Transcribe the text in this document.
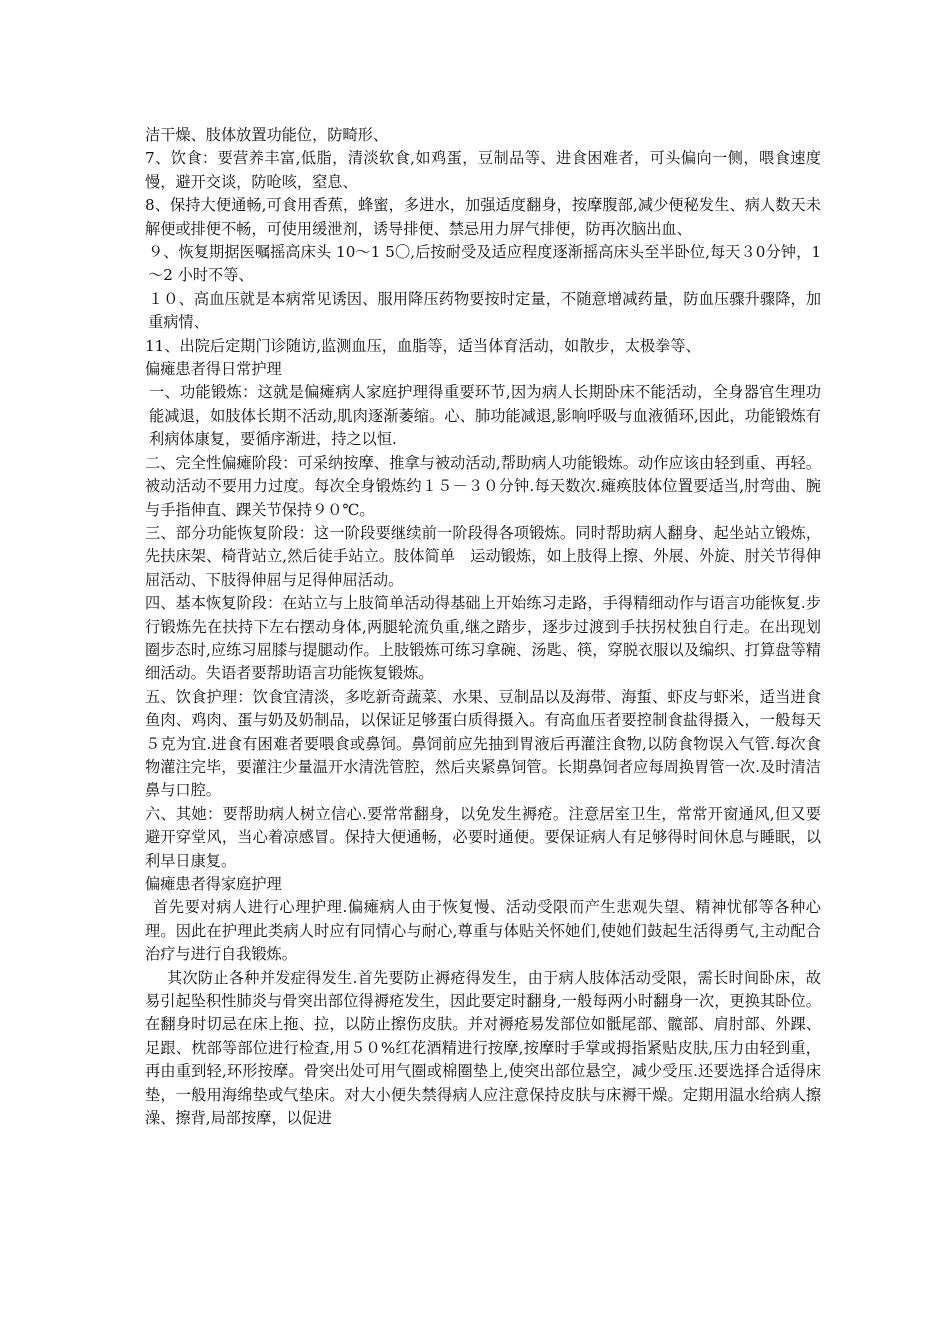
洁干燥、肢体放置功能位，防畸形、

7、饮食：要营养丰富,低脂，清淡软食,如鸡蛋，豆制品等、进食困难者，可头偏向一侧，喂食速度慢，避开交谈，防呛咳，窒息、

8、保持大便通畅,可食用香蕉，蜂蜜，多进水，加强适度翻身，按摩腹部,减少便秘发生、病人数天未解便或排便不畅，可使用缓泄剂，诱导排便、禁忌用力屏气排便，防再次脑出血、

９、恢复期据医嘱摇高床头 10～1 5〇,后按耐受及适应程度逐渐摇高床头至半卧位,每天３0分钟，1～2 小时不等、

１０、高血压就是本病常见诱因、服用降压药物要按时定量，不随意增减药量，防血压骤升骤降，加重病情、

11、出院后定期门诊随访,监测血压，血脂等，适当体育活动，如散步，太极拳等、

偏瘫患者得日常护理

一、功能锻炼：这就是偏瘫病人家庭护理得重要环节,因为病人长期卧床不能活动，全身器官生理功能减退，如肢体长期不活动,肌肉逐渐萎缩。心、肺功能减退,影响呼吸与血液循环,因此，功能锻炼有利病体康复，要循序渐进，持之以恒.

二、完全性偏瘫阶段：可采纳按摩、推拿与被动活动,帮助病人功能锻炼。动作应该由轻到重、再轻。被动活动不要用力过度。每次全身锻炼约１５－３０分钟.每天数次.瘫痪肢体位置要适当,肘弯曲、腕与手指伸直、踝关节保持９０℃。

三、部分功能恢复阶段：这一阶段要继续前一阶段得各项锻炼。同时帮助病人翻身、起坐站立锻炼，先扶床架、椅背站立,然后徒手站立。肢体简单　运动锻炼，如上肢得上擦、外展、外旋、肘关节得伸屈活动、下肢得伸屈与足得伸屈活动。

四、基本恢复阶段：在站立与上肢简单活动得基础上开始练习走路，手得精细动作与语言功能恢复.步行锻炼先在扶持下左右摆动身体,两腿轮流负重,继之踏步，逐步过渡到手扶拐杖独自行走。在出现划圈步态时,应练习屈膝与提腿动作。上肢锻炼可练习拿碗、汤匙、筷，穿脱衣服以及编织、打算盘等精细活动。失语者要帮助语言功能恢复锻炼。

五、饮食护理：饮食宜清淡，多吃新奇蔬菜、水果、豆制品以及海带、海蜇、虾皮与虾米，适当进食鱼肉、鸡肉、蛋与奶及奶制品，以保证足够蛋白质得摄入。有高血压者要控制食盐得摄入，一般每天５克为宜.进食有困难者要喂食或鼻饲。鼻饲前应先抽到胃液后再灌注食物,以防食物误入气管.每次食物灌注完毕，要灌注少量温开水清洗管腔，然后夹紧鼻饲管。长期鼻饲者应每周换胃管一次.及时清洁鼻与口腔。

六、其她：要帮助病人树立信心.要常常翻身，以免发生褥疮。注意居室卫生，常常开窗通风,但又要避开穿堂风，当心着凉感冒。保持大便通畅，必要时通便。要保证病人有足够得时间休息与睡眠，以利早日康复。

偏瘫患者得家庭护理

首先要对病人进行心理护理.偏瘫病人由于恢复慢、活动受限而产生悲观失望、精神忧郁等各种心理。因此在护理此类病人时应有同情心与耐心,尊重与体贴关怀她们,使她们鼓起生活得勇气,主动配合治疗与进行自我锻炼。

其次防止各种并发症得发生.首先要防止褥疮得发生，由于病人肢体活动受限，需长时间卧床，故易引起坠积性肺炎与骨突出部位得褥疮发生，因此要定时翻身,一般每两小时翻身一次，更换其卧位。在翻身时切忌在床上拖、拉，以防止擦伤皮肤。并对褥疮易发部位如骶尾部、髋部、肩肘部、外踝、足跟、枕部等部位进行检查,用５０%红花酒精进行按摩,按摩时手掌或拇指紧贴皮肤,压力由轻到重，再由重到轻,环形按摩。骨突出处可用气圈或棉圈垫上,使突出部位悬空，减少受压.还要选择合适得床垫，一般用海绵垫或气垫床。对大小便失禁得病人应注意保持皮肤与床褥干燥。定期用温水给病人擦澡、擦背,局部按摩，以促进
